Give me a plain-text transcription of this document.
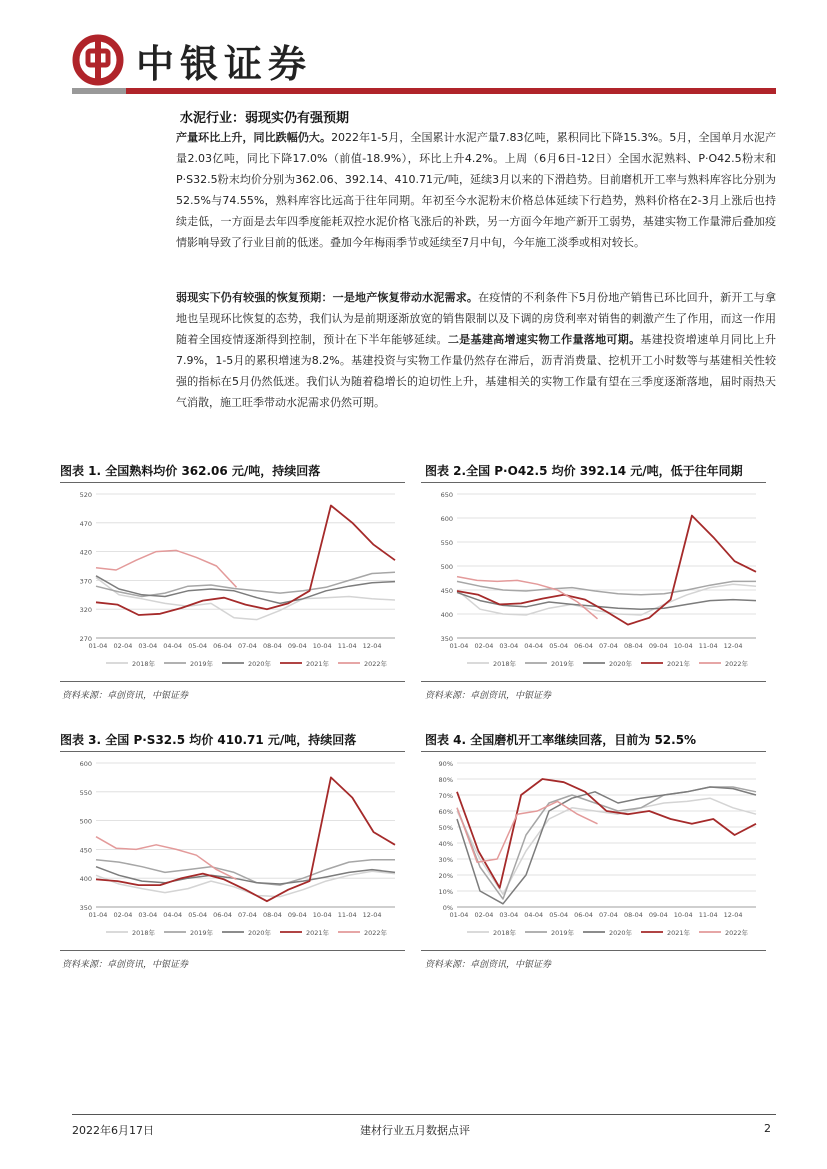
中银证券
水泥行业：弱现实仍有强预期
产量环比上升，同比跌幅仍大。2022年1-5月，全国累计水泥产量7.83亿吨，累积同比下降15.3%。5月，全国单月水泥产量2.03亿吨，同比下降17.0%（前值-18.9%），环比上升4.2%。上周（6月6日-12日）全国水泥熟料、P·O42.5粉末和P·S32.5粉末均价分别为362.06、392.14、410.71元/吨，延续3月以来的下滑趋势。目前磨机开工率与熟料库容比分别为52.5%与74.55%，熟料库容比远高于往年同期。年初至今水泥粉末价格总体延续下行趋势，熟料价格在2-3月上涨后也持续走低，一方面是去年四季度能耗双控水泥价格飞涨后的补跌，另一方面今年地产新开工弱势，基建实物工作量滞后叠加疫情影响导致了行业目前的低迷。叠加今年梅雨季节或延续至7月中旬，今年施工淡季或相对较长。
弱现实下仍有较强的恢复预期：一是地产恢复带动水泥需求。在疫情的不利条件下5月份地产销售已环比回升，新开工与拿地也呈现环比恢复的态势，我们认为是前期逐渐放宽的销售限制以及下调的房贷利率对销售的刺激产生了作用，而这一作用随着全国疫情逐渐得到控制，预计在下半年能够延续。二是基建高增速实物工作量落地可期。基建投资增速单月同比上升7.9%，1-5月的累积增速为8.2%。基建投资与实物工作量仍然存在滞后，沥青消费量、挖机开工小时数等与基建相关性较强的指标在5月仍然低迷。我们认为随着稳增长的迫切性上升，基建相关的实物工作量有望在三季度逐渐落地，届时雨热天气消散，施工旺季带动水泥需求仍然可期。
图表 1. 全国熟料均价 362.06 元/吨，持续回落
520
470
420
370
320
270
01-04 02-04 03-04 04-04 05-04 06-04 07-04 08-04 09-04 10-04 11-04 12-04
2018年	2019年	2020年	2021年	2022年
资料来源：卓创资讯，中银证券
图表 2.全国 P·O42.5 均价 392.14 元/吨，低于往年同期
650
600
550
500
450
400
350
01-04 02-04 03-04 04-04 05-04 06-04 07-04 08-04 09-04 10-04 11-04 12-04
2018年	2019年	2020年	2021年	2022年
资料来源：卓创资讯，中银证券
图表 3. 全国 P·S32.5 均价 410.71 元/吨，持续回落
600
550
500
450
400
350
01-04 02-04 03-04 04-04 05-04 06-04 07-04 08-04 09-04 10-04 11-04 12-04
2018年	2019年	2020年	2021年	2022年
资料来源：卓创资讯，中银证券
图表 4. 全国磨机开工率继续回落，目前为 52.5%
90%
80%
70%
60%
50%
40%
30%
20%
10%
0%
01-04 02-04 03-04 04-04 05-04 06-04 07-04 08-04 09-04 10-04 11-04 12-04
2018年	2019年	2020年	2021年	2022年
资料来源：卓创资讯，中银证券
2022年6月17日	建材行业五月数据点评	2
